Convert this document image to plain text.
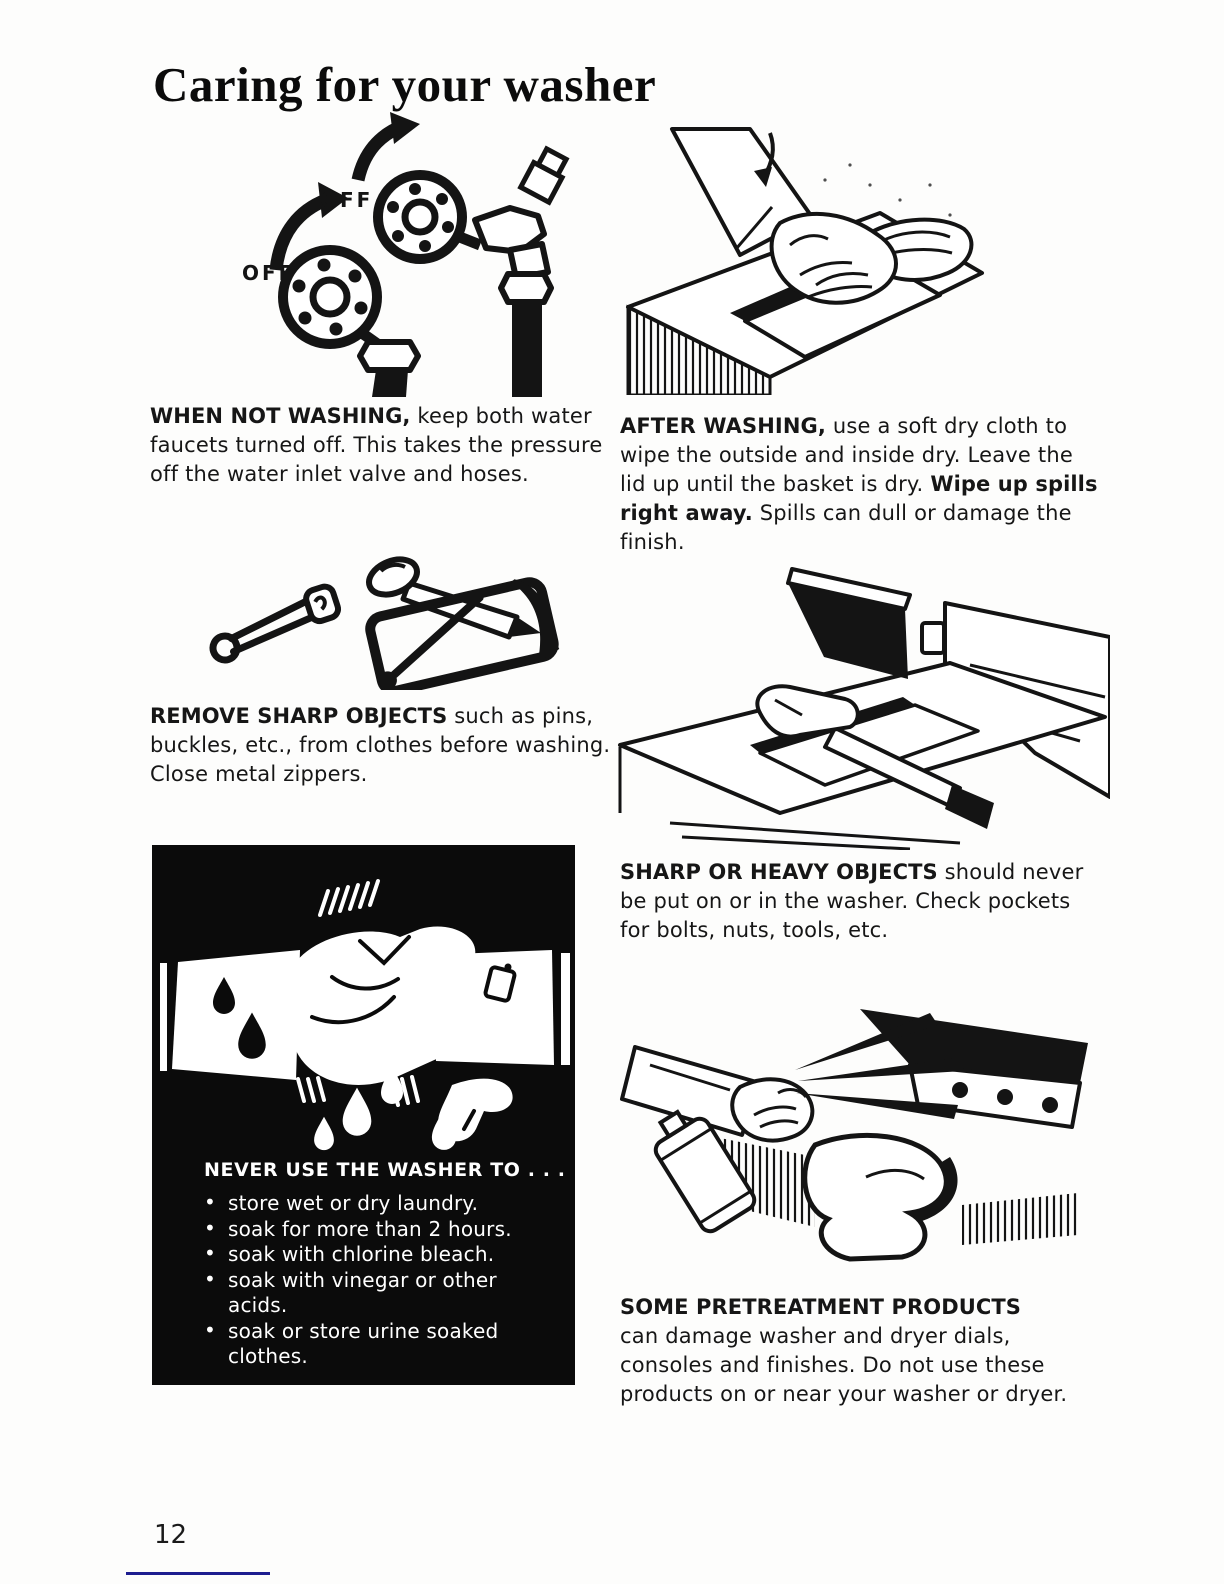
Caring for your washer
OFF
OFF

WHEN NOT WASHING, keep both water faucets turned off. This takes the pressure off the water inlet valve and hoses.

AFTER WASHING, use a soft dry cloth to wipe the outside and inside dry. Leave the lid up until the basket is dry. Wipe up spills right away. Spills can dull or damage the finish.

REMOVE SHARP OBJECTS such as pins, buckles, etc., from clothes before washing. Close metal zippers.

SHARP OR HEAVY OBJECTS should never be put on or in the washer. Check pockets for bolts, nuts, tools, etc.

NEVER USE THE WASHER TO . . .
• store wet or dry laundry.
• soak for more than 2 hours.
• soak with chlorine bleach.
• soak with vinegar or other acids.
• soak or store urine soaked clothes.

SOME PRETREATMENT PRODUCTS
can damage washer and dryer dials, consoles and finishes. Do not use these products on or near your washer or dryer.

12
